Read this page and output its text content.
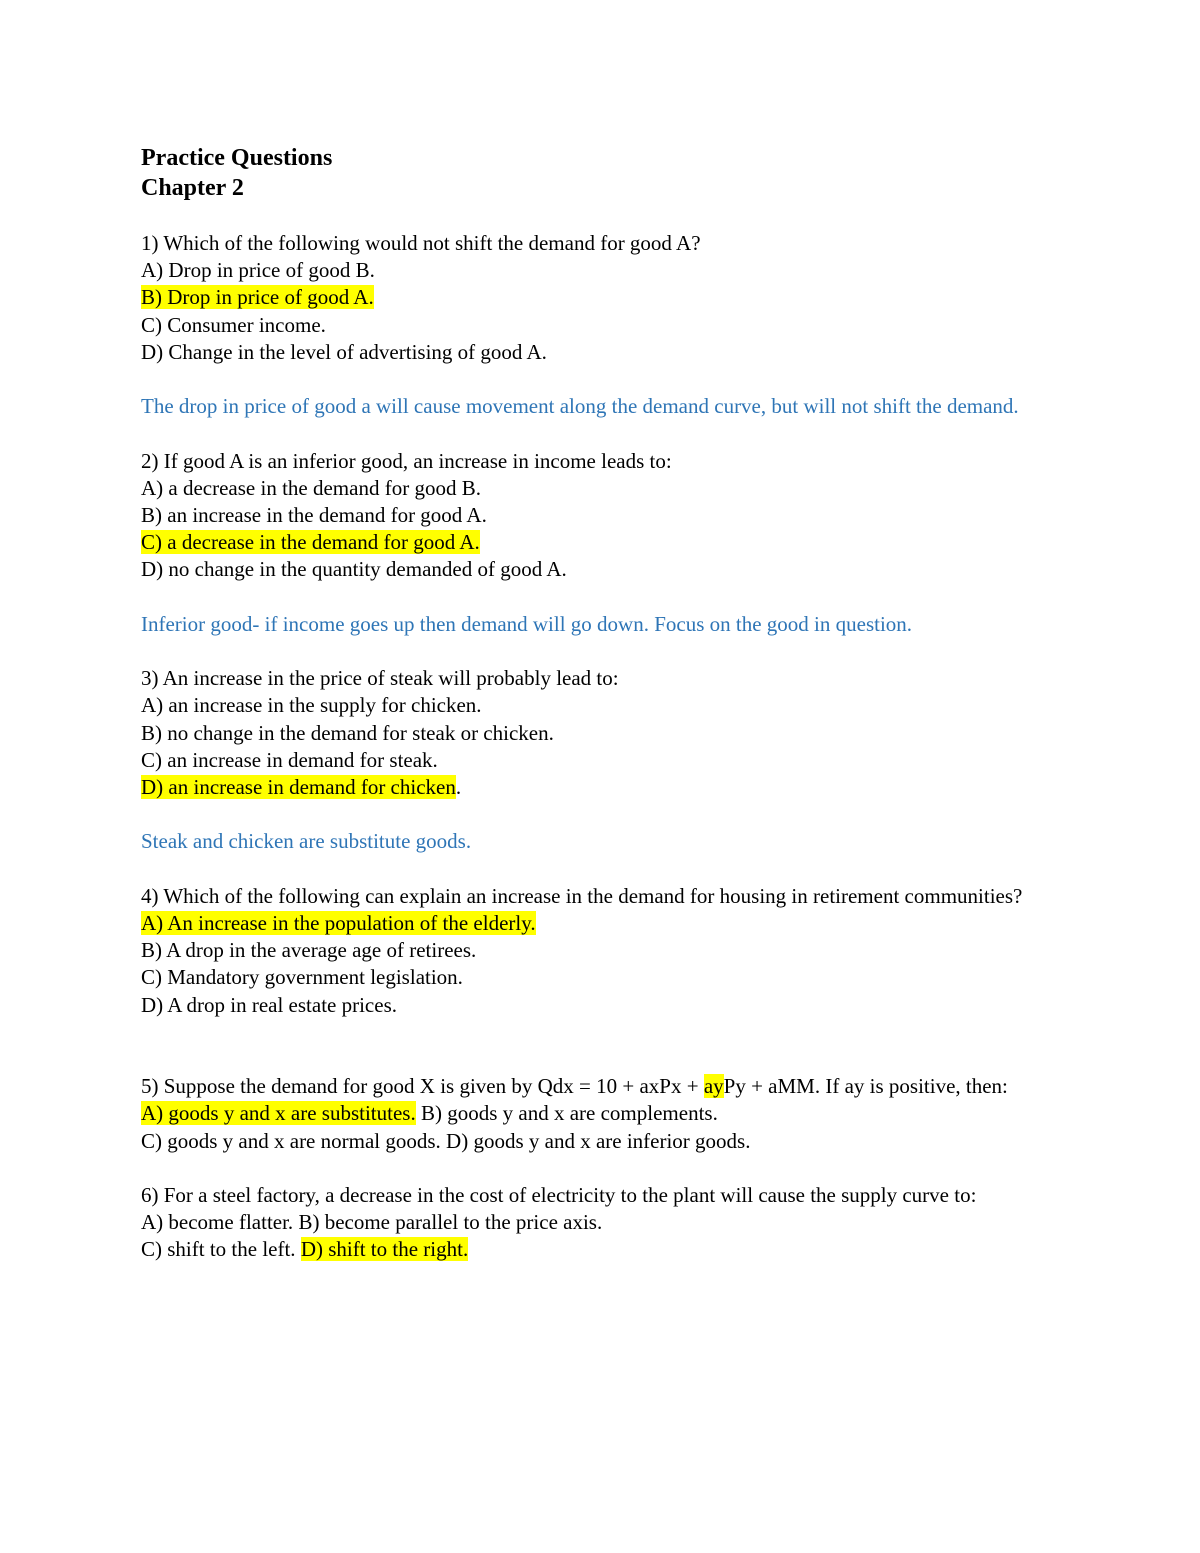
Practice Questions

Chapter 2

1) Which of the following would not shift the demand for good A?

A) Drop in price of good B.

B) Drop in price of good A.

C) Consumer income.

D) Change in the level of advertising of good A.

The drop in price of good a will cause movement along the demand curve, but will not shift the demand.

2) If good A is an inferior good, an increase in income leads to:

A) a decrease in the demand for good B.

B) an increase in the demand for good A.

C) a decrease in the demand for good A.

D) no change in the quantity demanded of good A.

Inferior good- if income goes up then demand will go down. Focus on the good in question.

3) An increase in the price of steak will probably lead to:

A) an increase in the supply for chicken.

B) no change in the demand for steak or chicken.

C) an increase in demand for steak.

D) an increase in demand for chicken.

Steak and chicken are substitute goods.

4) Which of the following can explain an increase in the demand for housing in retirement communities?

A) An increase in the population of the elderly.

B) A drop in the average age of retirees.

C) Mandatory government legislation.

D) A drop in real estate prices.

5) Suppose the demand for good X is given by Qdx = 10 + axPx + ayPy + aMM. If ay is positive, then:

A) goods y and x are substitutes. B) goods y and x are complements.

C) goods y and x are normal goods. D) goods y and x are inferior goods.

6) For a steel factory, a decrease in the cost of electricity to the plant will cause the supply curve to:

A) become flatter. B) become parallel to the price axis.

C) shift to the left. D) shift to the right.
